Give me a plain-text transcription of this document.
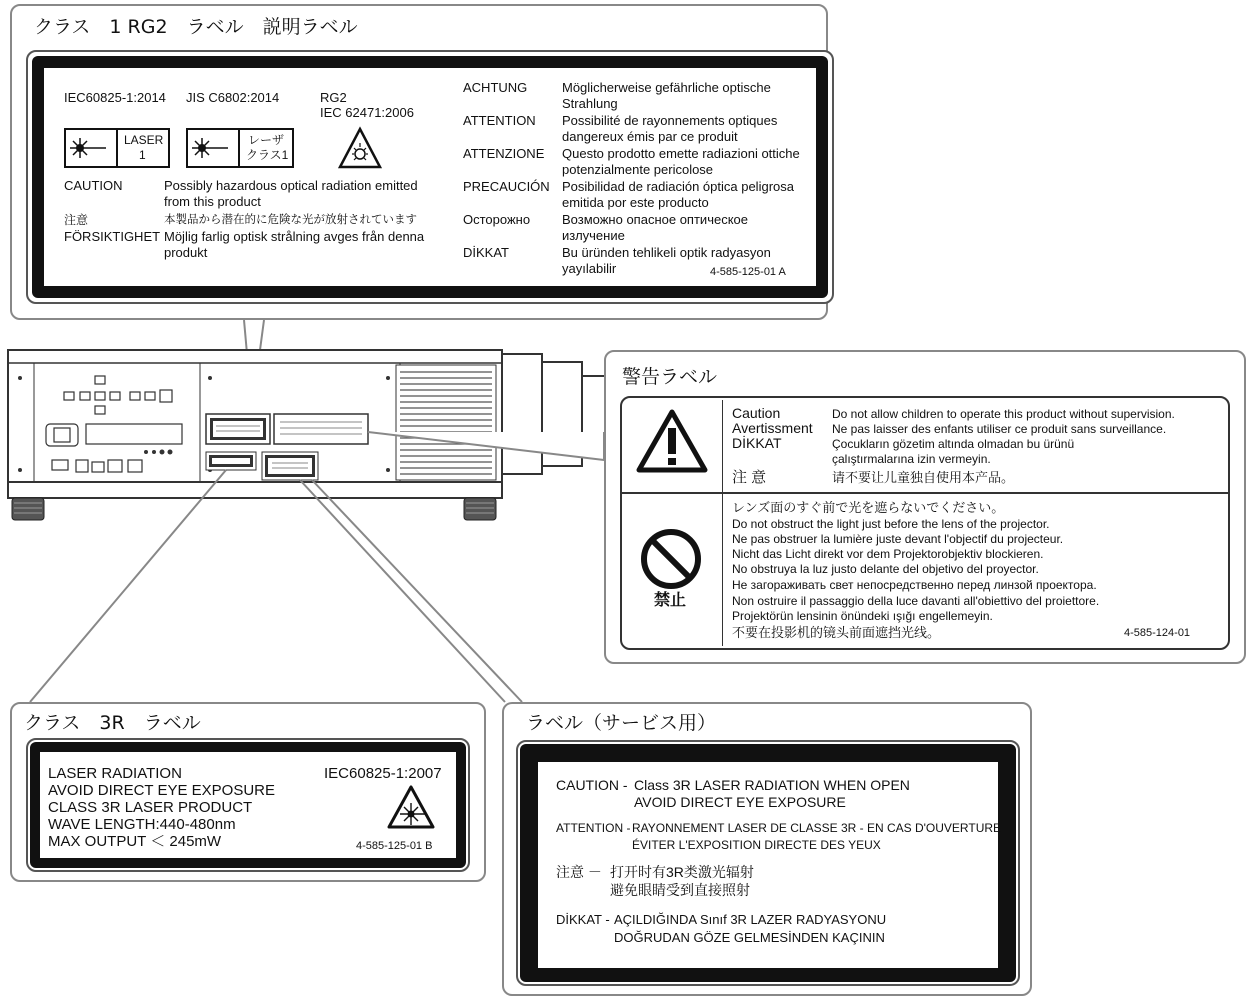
クラス　1 RG2　ラベル　説明ラベル
IEC60825-1:2014 JIS C6802:2014	RG2
IEC 62471:2006
LASER
1
レーザ
クラス1
CAUTION	Possibly hazardous optical radiation emitted
from this product
注意	本製品から潜在的に危険な光が放射されています
FÖRSIKTIGHET Möjlig farlig optisk strålning avges från denna
produkt
ACHTUNG	Möglicherweise gefährliche optische
Strahlung
ATTENTION Possibilité de rayonnements optiques
dangereux émis par ce produit
ATTENZIONE Questo prodotto emette radiazioni ottiche
potenzialmente pericolose
PRECAUCIÓN Posibilidad de radiación óptica peligrosa
emitida por este producto
Осторожно Возможно опасное оптическое
излучение
DİKKAT	Bu üründen tehlikeli optik radyasyon
yayılabilir	4-585-125-01 A
警告ラベル
Caution	Do not allow children to operate this product without supervision.
Avertissment Ne pas laisser des enfants utiliser ce produit sans surveillance.
DİKKAT	Çocukların gözetim altında olmadan bu ürünü
çalıştırmalarına izin vermeyin.
注 意	请不要让儿童独自使用本产品。
禁止
レンズ面のすぐ前で光を遮らないでください。
Do not obstruct the light just before the lens of the projector.
Ne pas obstruer la lumière juste devant l'objectif du projecteur.
Nicht das Licht direkt vor dem Projektorobjektiv blockieren.
No obstruya la luz justo delante del objetivo del proyector.
Не загораживать свет непосредственно перед линзой проектора.
Non ostruire il passaggio della luce davanti all'obiettivo del proiettore.
Projektörün lensinin önündeki ışığı engellemeyin.
不要在投影机的镜头前面遮挡光线。	4-585-124-01
クラス　3R　ラベル
LASER RADIATION
AVOID DIRECT EYE EXPOSURE
CLASS 3R LASER PRODUCT
WAVE LENGTH:440-480nm
MAX OUTPUT ＜ 245mW
IEC60825-1:2007
4-585-125-01 B
ラベル（サービス用）
CAUTION - Class 3R LASER RADIATION WHEN OPEN
AVOID DIRECT EYE EXPOSURE
ATTENTION - RAYONNEMENT LASER DE CLASSE 3R - EN CAS D'OUVERTURE
ÉVITER L'EXPOSITION DIRECTE DES YEUX
注意 － 打开时有3R类激光辐射
避免眼睛受到直接照射
DİKKAT - AÇILDIĞINDA Sınıf 3R LAZER RADYASYONU
DOĞRUDAN GÖZE GELMESİNDEN KAÇININ
